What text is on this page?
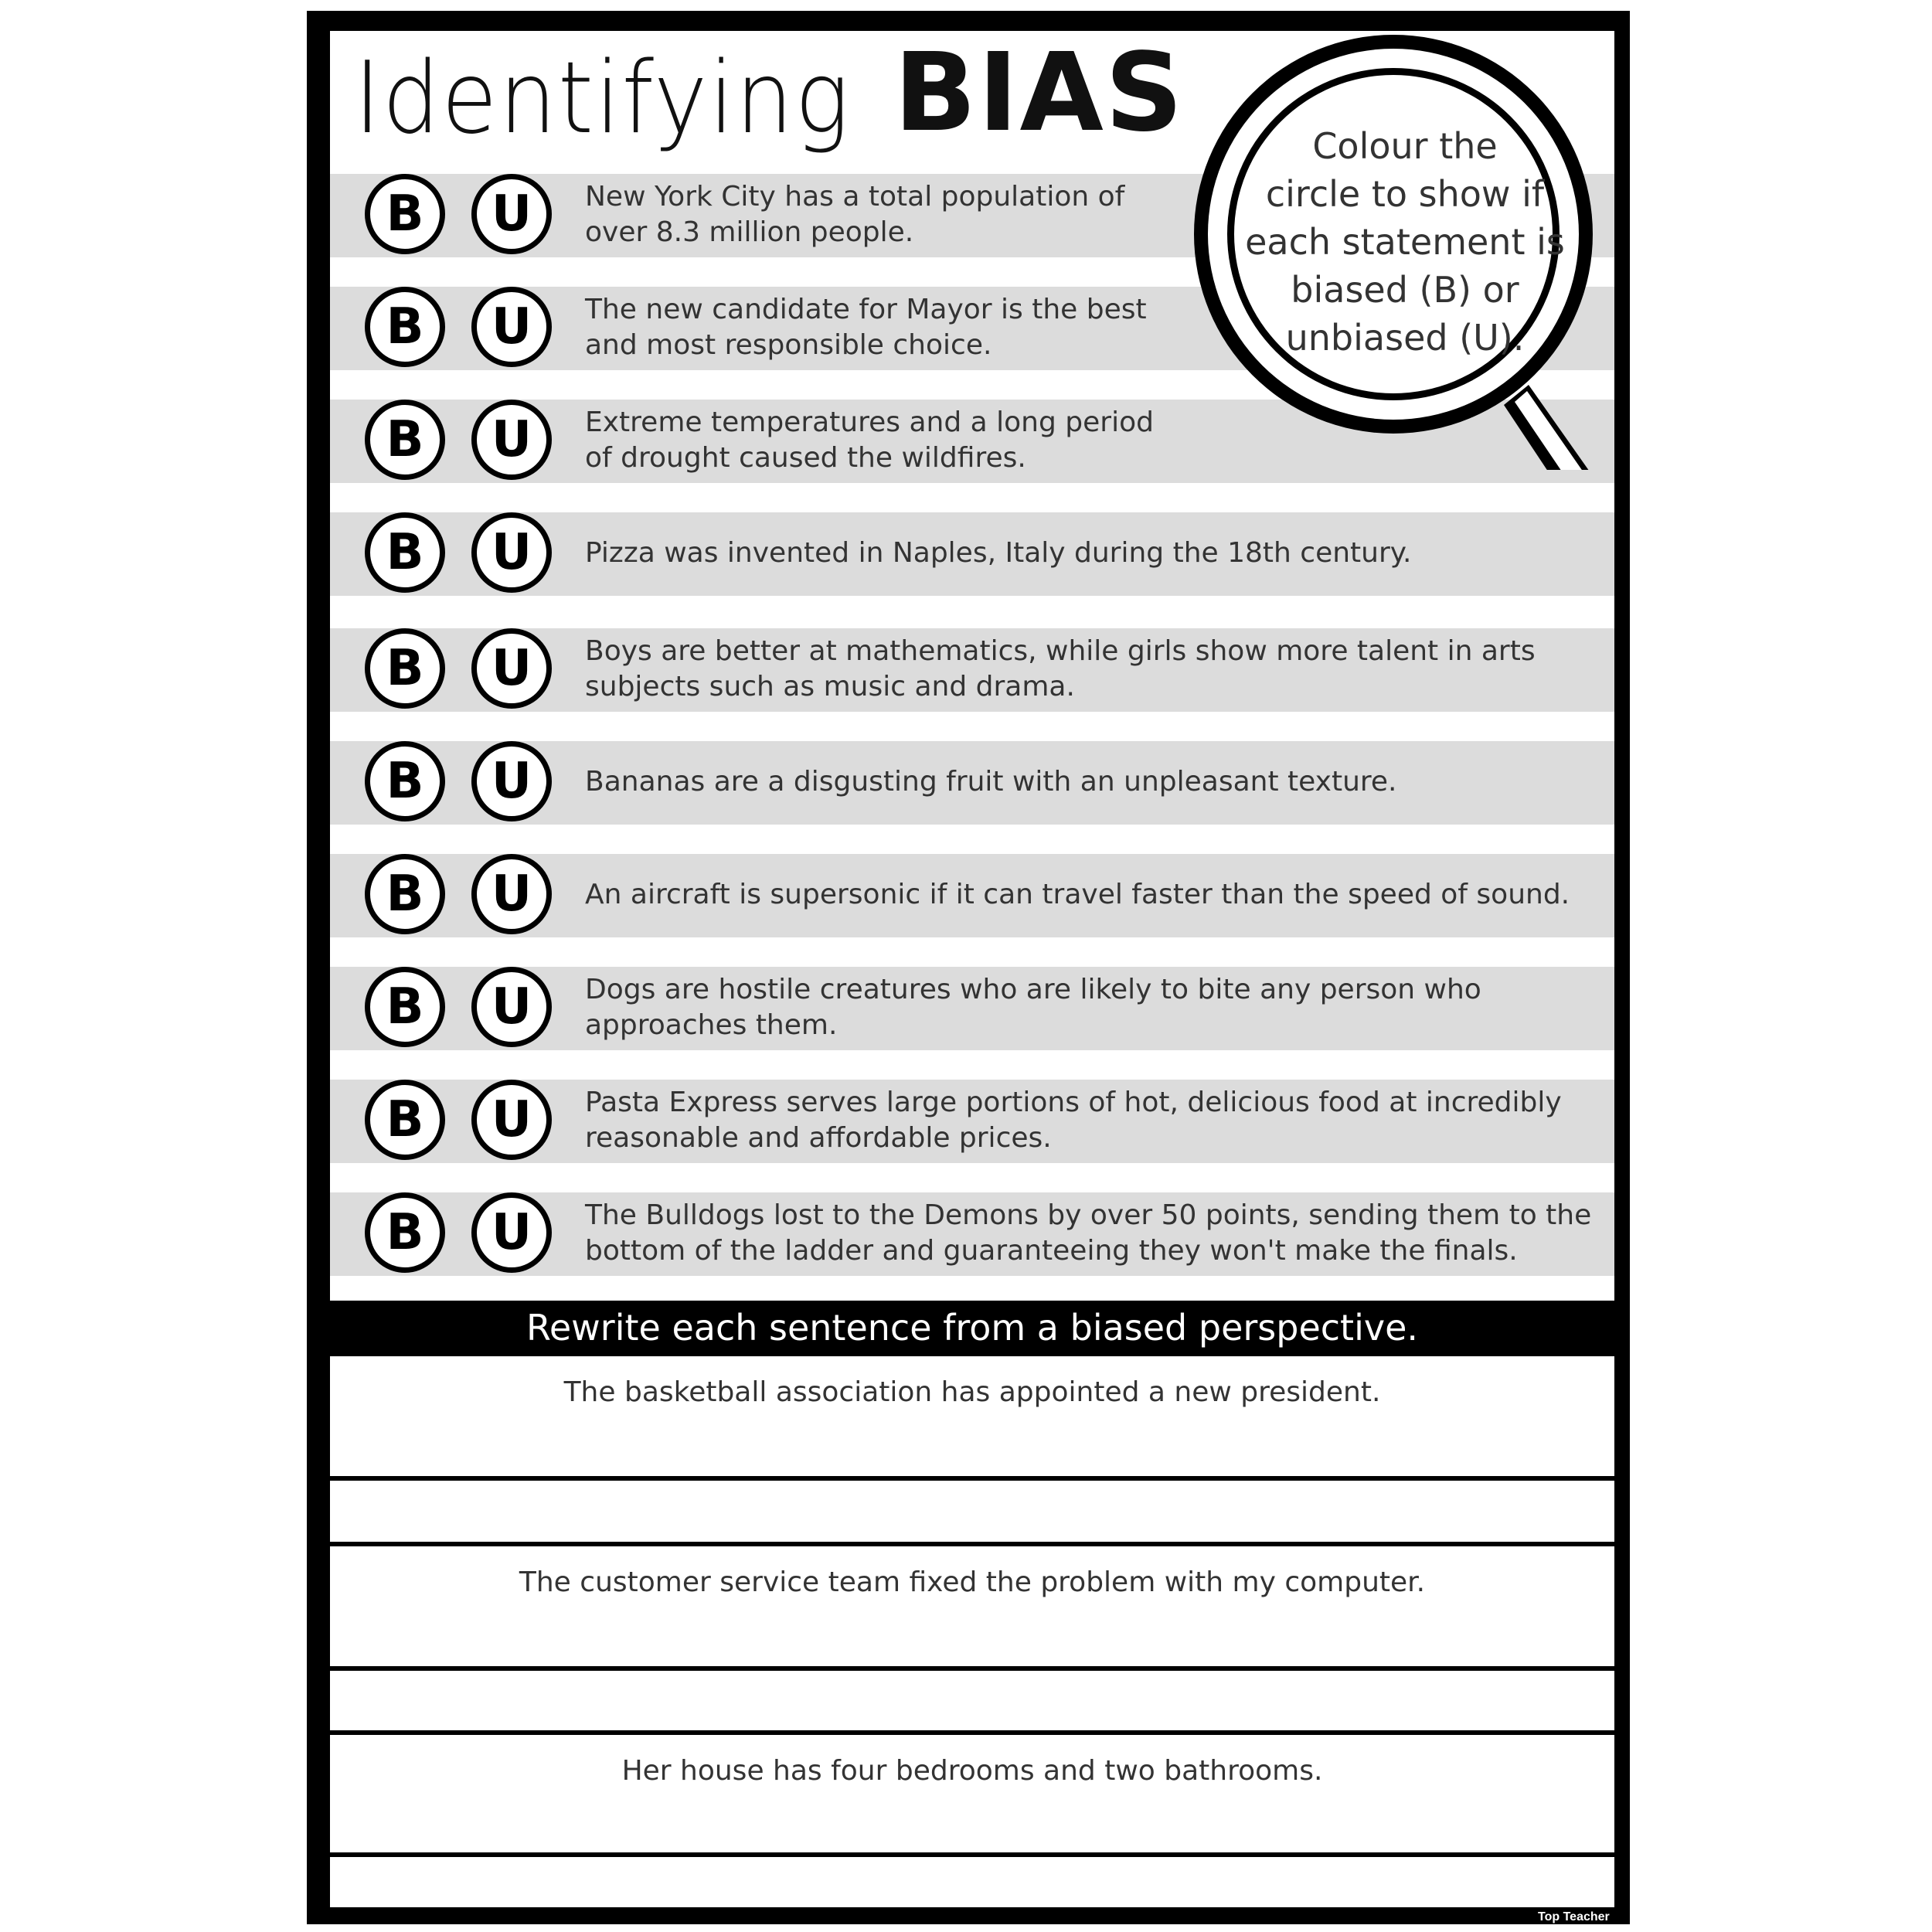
B	U	New York City has a total population of
over 8.3 million people.
B	U	The new candidate for Mayor is the best
and most responsible choice.
B	U	Extreme temperatures and a long period
of drought caused the wildfires.
B	U	Pizza was invented in Naples, Italy during the 18th century.
B	U	Boys are better at mathematics, while girls show more talent in arts
subjects such as music and drama.
B	U	Bananas are a disgusting fruit with an unpleasant texture.
B	U	An aircraft is supersonic if it can travel faster than the speed of sound.
B	U	Dogs are hostile creatures who are likely to bite any person who
approaches them.
B	U	Pasta Express serves large portions of hot, delicious food at incredibly
reasonable and affordable prices.
B	U	The Bulldogs lost to the Demons by over 50 points, sending them to the
bottom of the ladder and guaranteeing they won't make the finals.
Identifying BIAS	Colour the
circle to show if
each statement is
biased (B) or
unbiased (U).
Rewrite each sentence from a biased perspective.
The basketball association has appointed a new president.
The customer service team fixed the problem with my computer.
Her house has four bedrooms and two bathrooms.
Top Teacher
